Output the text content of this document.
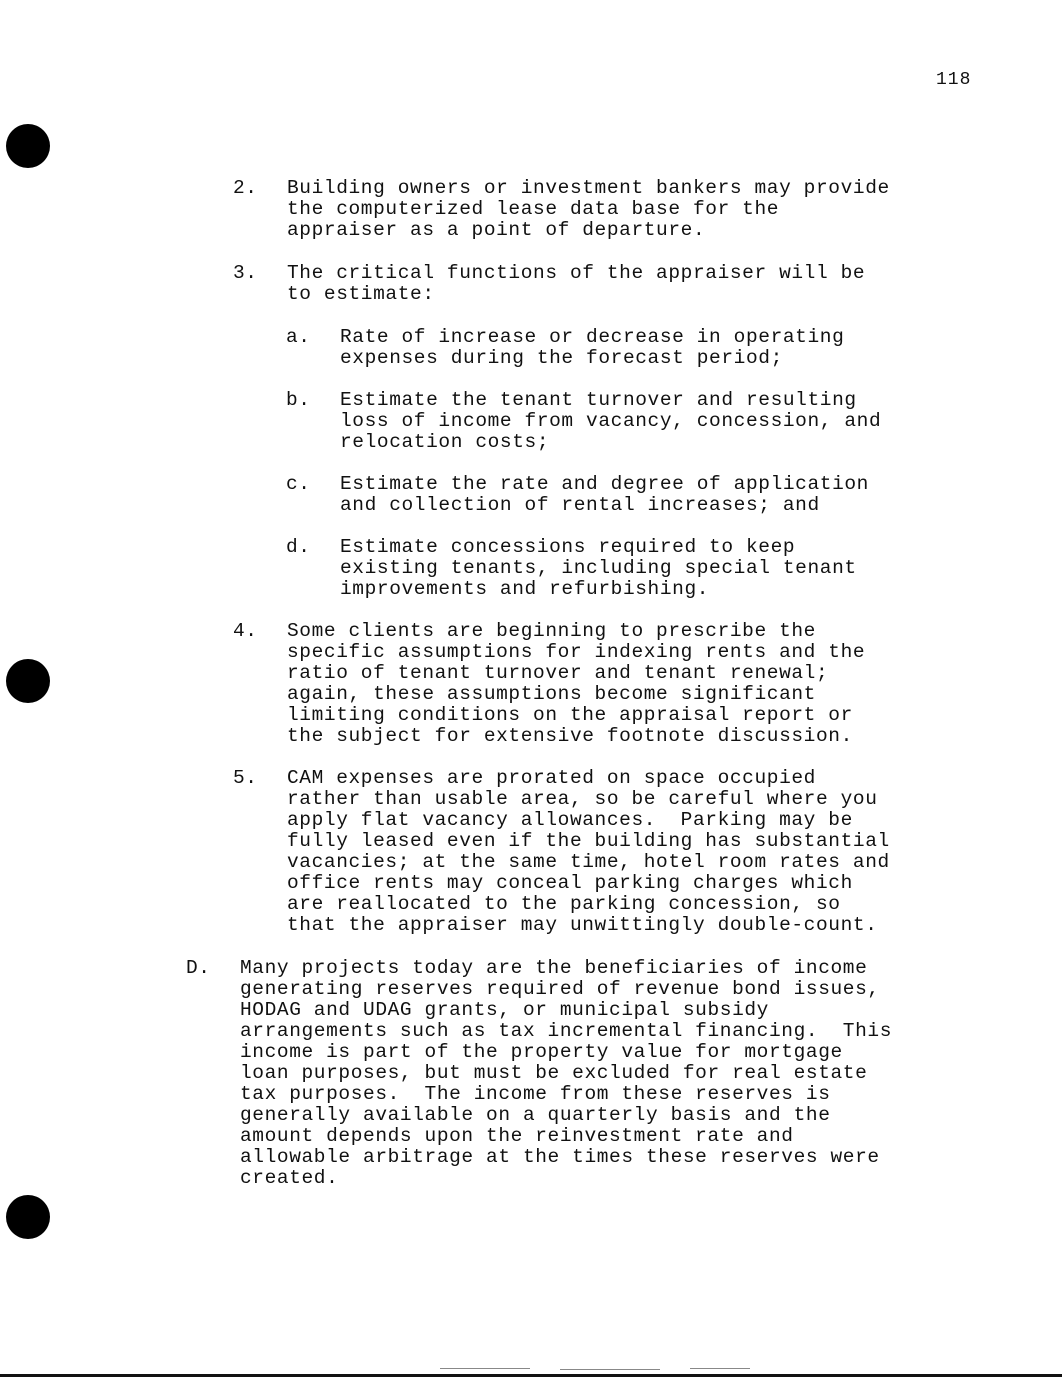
118
2. Building owners or investment bankers may provide
the computerized lease data base for the
appraiser as a point of departure.
3. The critical functions of the appraiser will be
to estimate:
a. Rate of increase or decrease in operating
expenses during the forecast period;
b. Estimate the tenant turnover and resulting
loss of income from vacancy, concession, and
relocation costs;
c. Estimate the rate and degree of application
and collection of rental increases; and
d. Estimate concessions required to keep
existing tenants, including special tenant
improvements and refurbishing.
4. Some clients are beginning to prescribe the
specific assumptions for indexing rents and the
ratio of tenant turnover and tenant renewal;
again, these assumptions become significant
limiting conditions on the appraisal report or
the subject for extensive footnote discussion.
5. CAM expenses are prorated on space occupied
rather than usable area, so be careful where you
apply flat vacancy allowances.  Parking may be
fully leased even if the building has substantial
vacancies; at the same time, hotel room rates and
office rents may conceal parking charges which
are reallocated to the parking concession, so
that the appraiser may unwittingly double-count.
D. Many projects today are the beneficiaries of income
generating reserves required of revenue bond issues,
HODAG and UDAG grants, or municipal subsidy
arrangements such as tax incremental financing.  This
income is part of the property value for mortgage
loan purposes, but must be excluded for real estate
tax purposes.  The income from these reserves is
generally available on a quarterly basis and the
amount depends upon the reinvestment rate and
allowable arbitrage at the times these reserves were
created.
